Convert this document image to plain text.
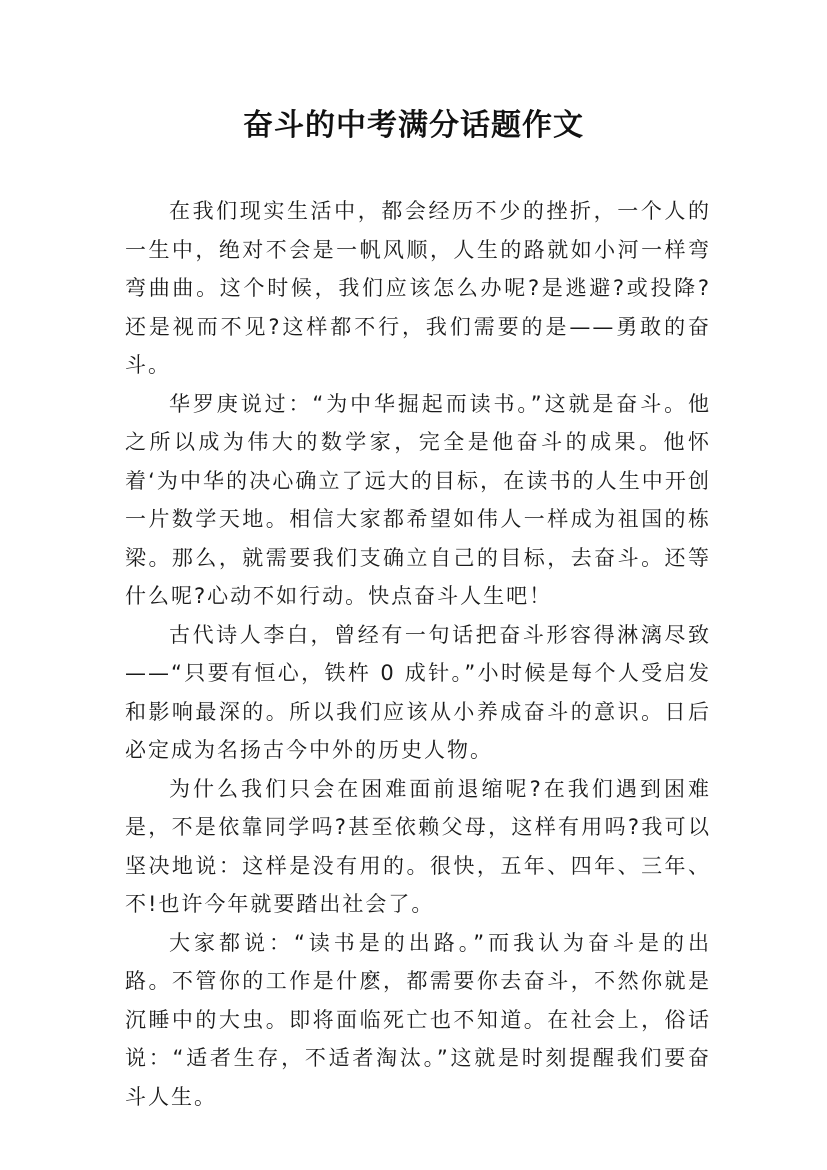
奋斗的中考满分话题作文

在我们现实生活中，都会经历不少的挫折，一个人的一生中，绝对不会是一帆风顺，人生的路就如小河一样弯弯曲曲。这个时候，我们应该怎么办呢?是逃避?或投降?还是视而不见?这样都不行，我们需要的是——勇敢的奋斗。

华罗庚说过：“为中华掘起而读书。”这就是奋斗。他之所以成为伟大的数学家，完全是他奋斗的成果。他怀着‘为中华的决心确立了远大的目标，在读书的人生中开创一片数学天地。相信大家都希望如伟人一样成为祖国的栋梁。那么，就需要我们支确立自己的目标，去奋斗。还等什么呢?心动不如行动。快点奋斗人生吧！

古代诗人李白，曾经有一句话把奋斗形容得淋漓尽致——“只要有恒心，铁杵 0 成针。”小时候是每个人受启发和影响最深的。所以我们应该从小养成奋斗的意识。日后必定成为名扬古今中外的历史人物。

为什么我们只会在困难面前退缩呢?在我们遇到困难是，不是依靠同学吗?甚至依赖父母，这样有用吗?我可以坚决地说：这样是没有用的。很快，五年、四年、三年、不!也许今年就要踏出社会了。

大家都说：“读书是的出路。”而我认为奋斗是的出路。不管你的工作是什麽，都需要你去奋斗，不然你就是沉睡中的大虫。即将面临死亡也不知道。在社会上，俗话说：“适者生存，不适者淘汰。”这就是时刻提醒我们要奋斗人生。
